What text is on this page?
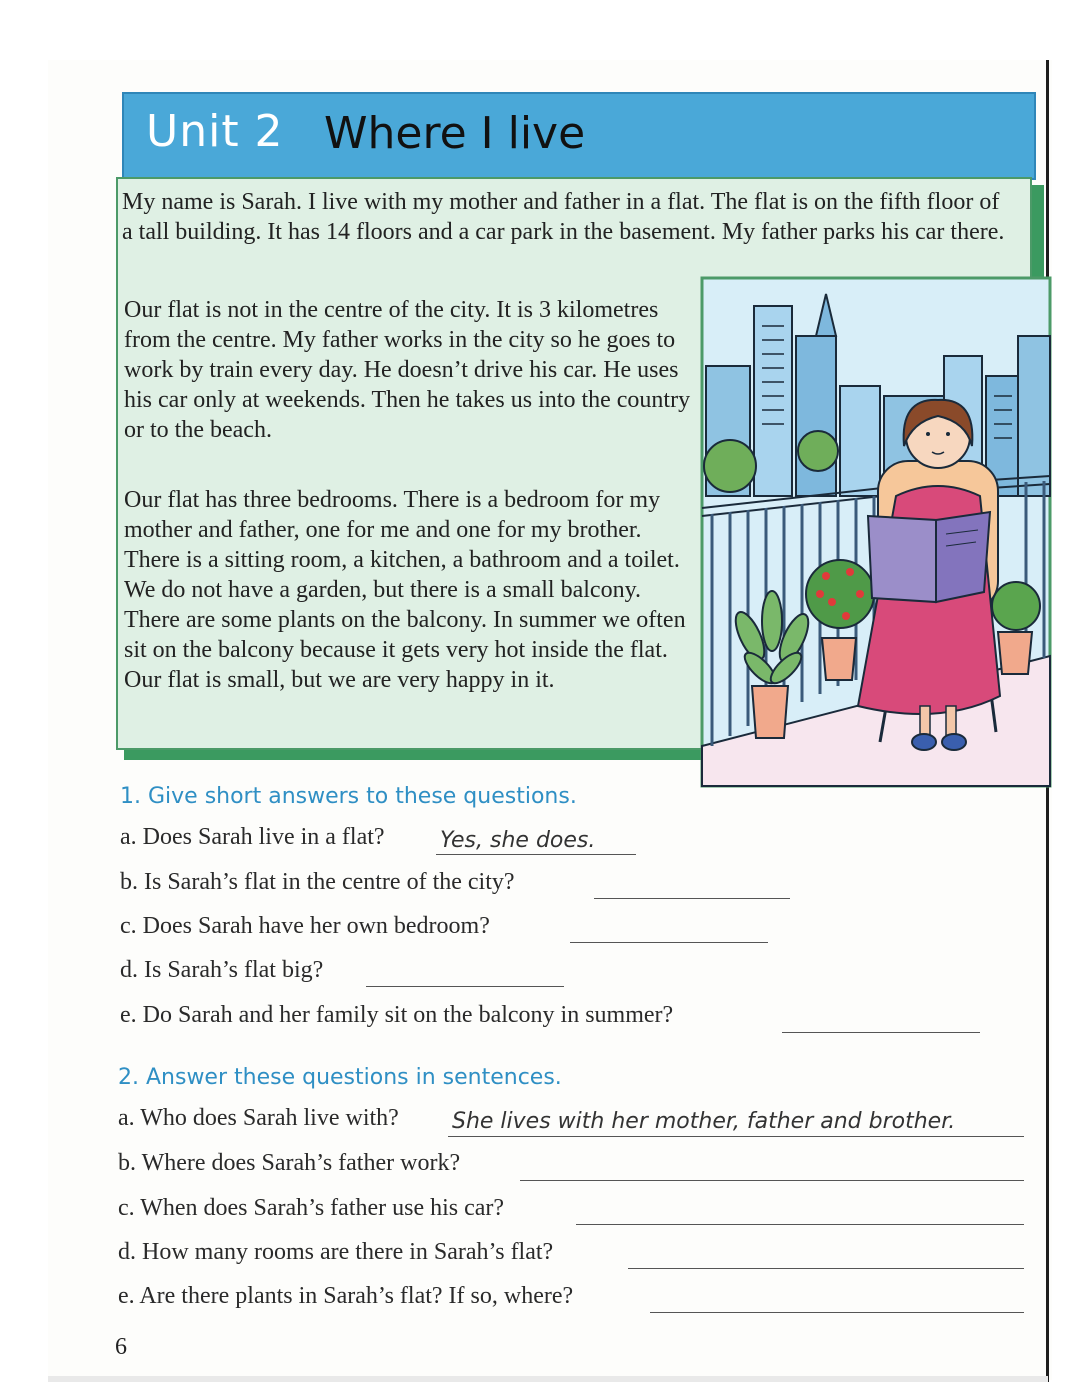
Unit 2 Where I live

My name is Sarah. I live with my mother and father in a flat. The flat is on the fifth floor of a tall building. It has 14 floors and a car park in the basement. My father parks his car there.

Our flat is not in the centre of the city. It is 3 kilometres from the centre. My father works in the city so he goes to work by train every day. He doesn’t drive his car. He uses his car only at weekends. Then he takes us into the country or to the beach.

Our flat has three bedrooms. There is a bedroom for my mother and father, one for me and one for my brother. There is a sitting room, a kitchen, a bathroom and a toilet. We do not have a garden, but there is a small balcony. There are some plants on the balcony. In summer we often sit on the balcony because it gets very hot inside the flat. Our flat is small, but we are very happy in it.

1. Give short answers to these questions.

a. Does Sarah live in a flat?	Yes, she does.
b. Is Sarah’s flat in the centre of the city?
c. Does Sarah have her own bedroom?
d. Is Sarah’s flat big?
e. Do Sarah and her family sit on the balcony in summer?

2. Answer these questions in sentences.

a. Who does Sarah live with? She lives with her mother, father and brother.
b. Where does Sarah’s father work?
c. When does Sarah’s father use his car?
d. How many rooms are there in Sarah’s flat?
e. Are there plants in Sarah’s flat? If so, where?
6
